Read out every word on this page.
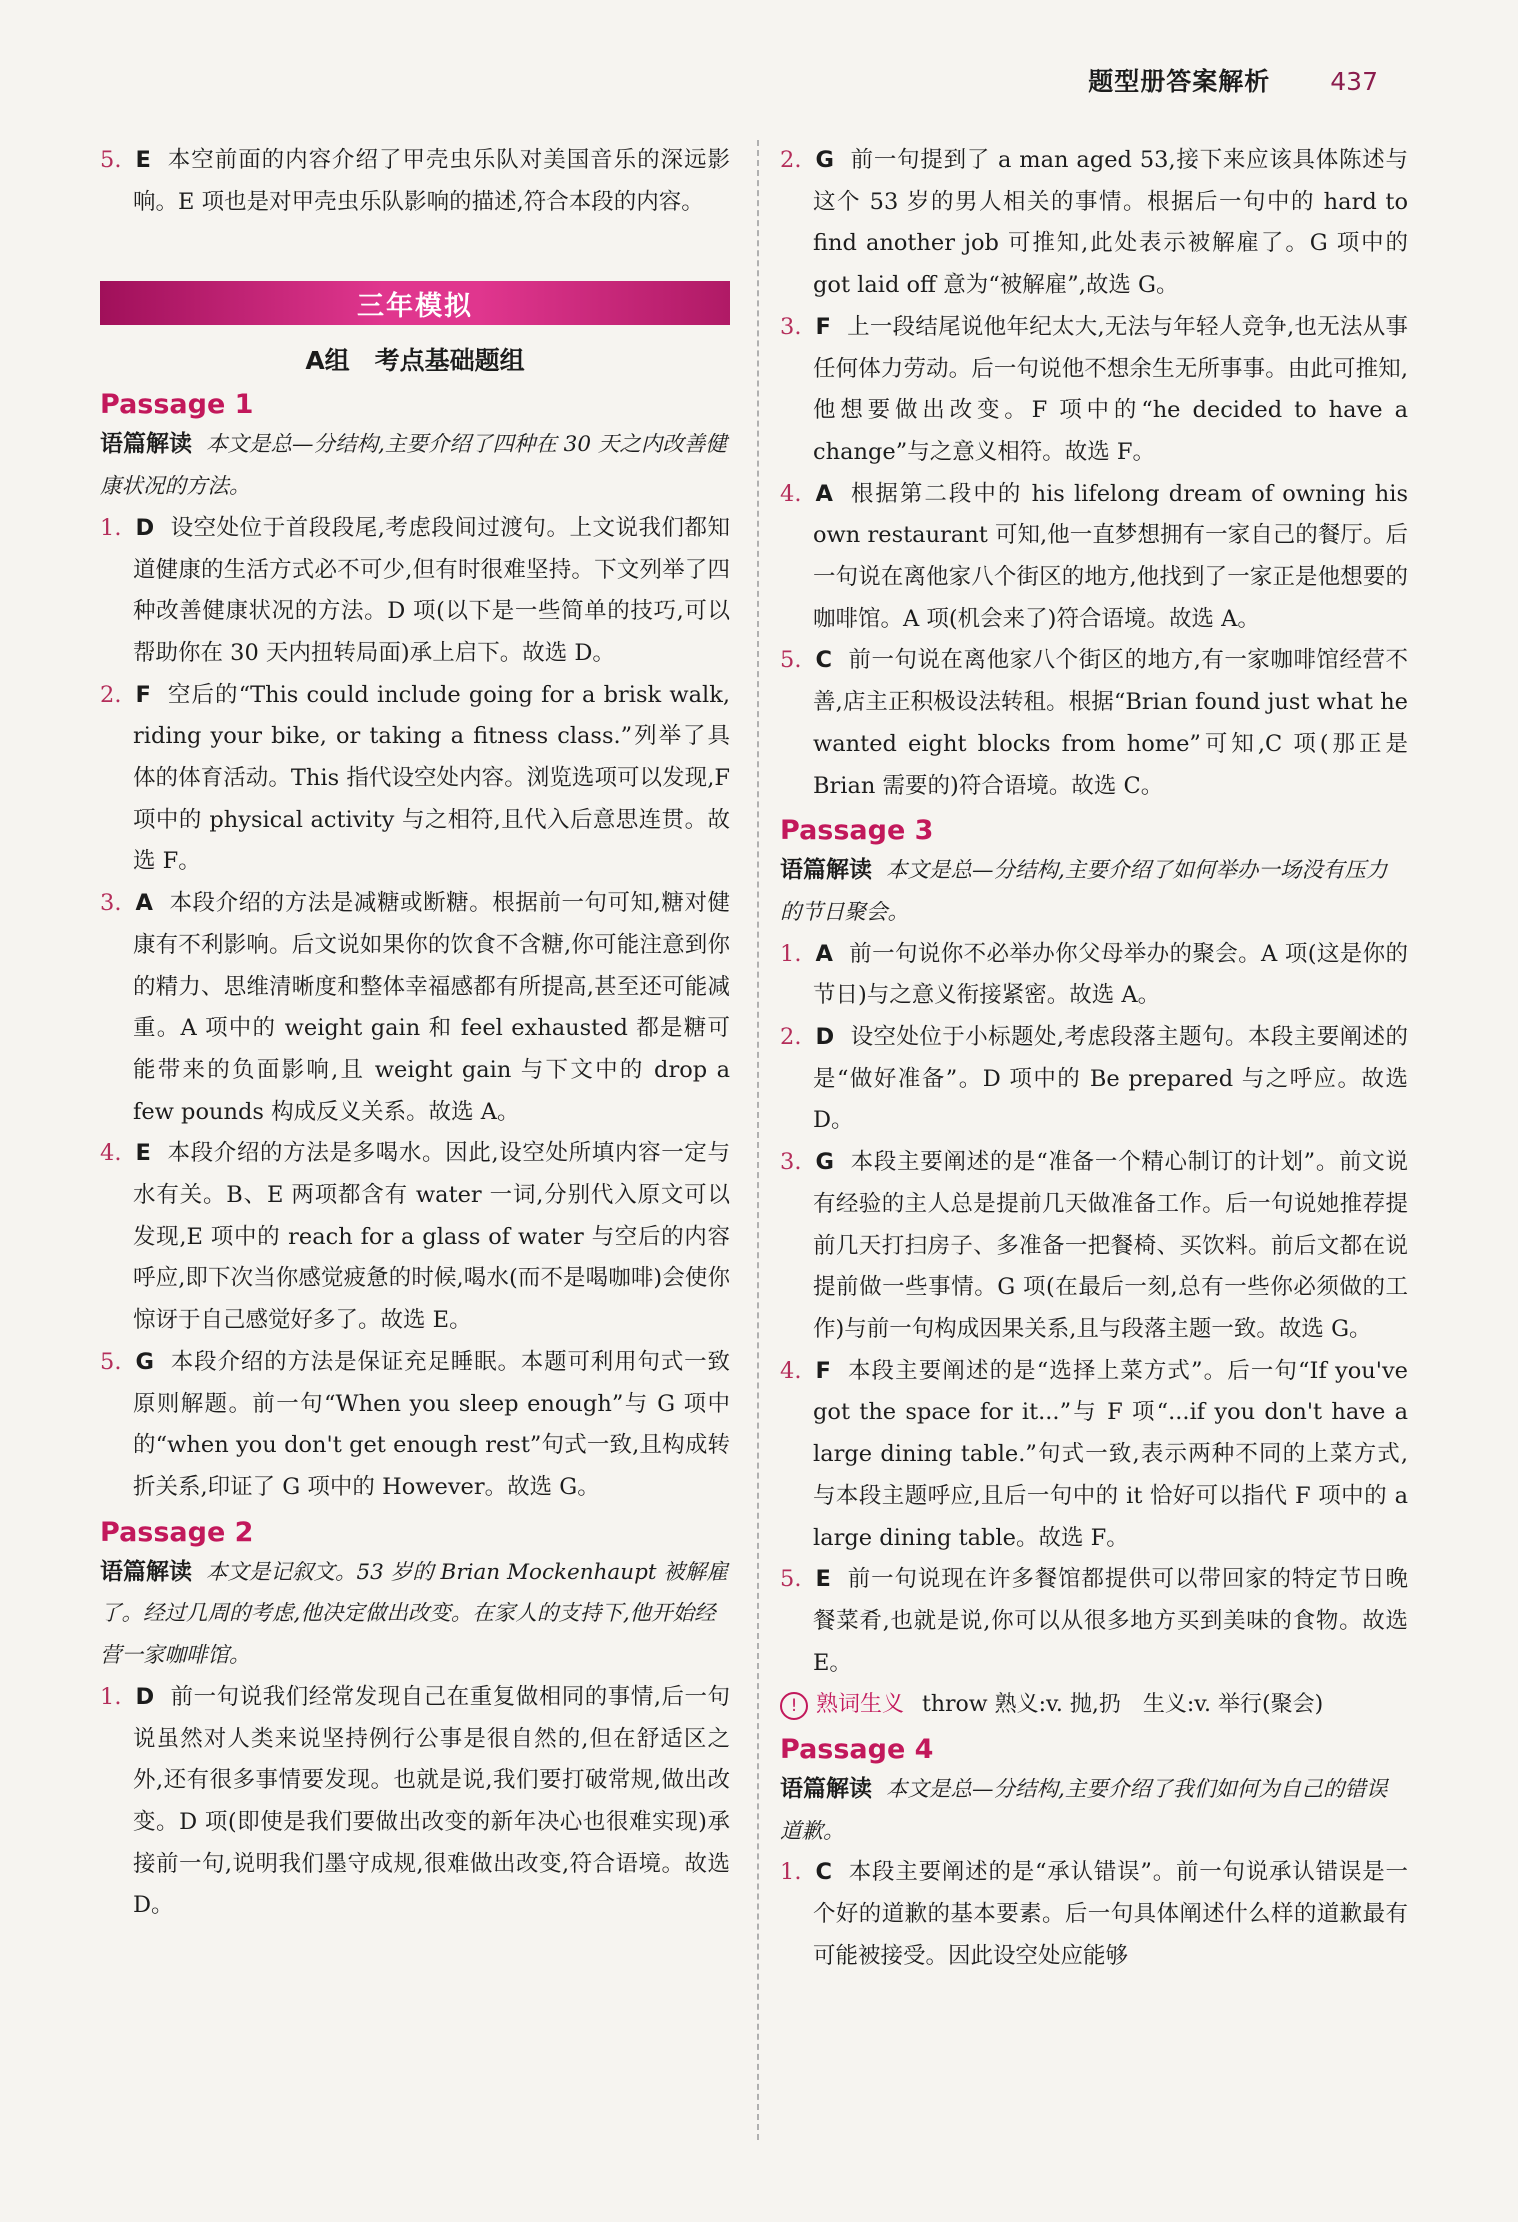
题型册答案解析 437

5. E 本空前面的内容介绍了甲壳虫乐队对美国音乐的深远影响。E 项也是对甲壳虫乐队影响的描述,符合本段的内容。

三年模拟
A组　考点基础题组
Passage 1

语篇解读 本文是总—分结构,主要介绍了四种在 30 天之内改善健康状况的方法。

1. D 设空处位于首段段尾,考虑段间过渡句。上文说我们都知道健康的生活方式必不可少,但有时很难坚持。下文列举了四种改善健康状况的方法。D 项(以下是一些简单的技巧,可以帮助你在 30 天内扭转局面)承上启下。故选 D。

2. F 空后的“This could include going for a brisk walk, riding your bike, or taking a fitness class.”列举了具体的体育活动。This 指代设空处内容。浏览选项可以发现,F 项中的 physical activity 与之相符,且代入后意思连贯。故选 F。

3. A 本段介绍的方法是减糖或断糖。根据前一句可知,糖对健康有不利影响。后文说如果你的饮食不含糖,你可能注意到你的精力、思维清晰度和整体幸福感都有所提高,甚至还可能减重。A 项中的 weight gain 和 feel exhausted 都是糖可能带来的负面影响,且 weight gain 与下文中的 drop a few pounds 构成反义关系。故选 A。

4. E 本段介绍的方法是多喝水。因此,设空处所填内容一定与水有关。B、E 两项都含有 water 一词,分别代入原文可以发现,E 项中的 reach for a glass of water 与空后的内容呼应,即下次当你感觉疲惫的时候,喝水(而不是喝咖啡)会使你惊讶于自己感觉好多了。故选 E。

5. G 本段介绍的方法是保证充足睡眠。本题可利用句式一致原则解题。前一句“When you sleep enough”与 G 项中的“when you don't get enough rest”句式一致,且构成转折关系,印证了 G 项中的 However。故选 G。

Passage 2

语篇解读 本文是记叙文。53 岁的 Brian Mockenhaupt 被解雇了。经过几周的考虑,他决定做出改变。在家人的支持下,他开始经营一家咖啡馆。

1. D 前一句说我们经常发现自己在重复做相同的事情,后一句说虽然对人类来说坚持例行公事是很自然的,但在舒适区之外,还有很多事情要发现。也就是说,我们要打破常规,做出改变。D 项(即使是我们要做出改变的新年决心也很难实现)承接前一句,说明我们墨守成规,很难做出改变,符合语境。故选 D。

2. G 前一句提到了 a man aged 53,接下来应该具体陈述与这个 53 岁的男人相关的事情。根据后一句中的 hard to find another job 可推知,此处表示被解雇了。G 项中的 got laid off 意为“被解雇”,故选 G。

3. F 上一段结尾说他年纪太大,无法与年轻人竞争,也无法从事任何体力劳动。后一句说他不想余生无所事事。由此可推知,他想要做出改变。F 项中的“he decided to have a change”与之意义相符。故选 F。

4. A 根据第二段中的 his lifelong dream of owning his own restaurant 可知,他一直梦想拥有一家自己的餐厅。后一句说在离他家八个街区的地方,他找到了一家正是他想要的咖啡馆。A 项(机会来了)符合语境。故选 A。

5. C 前一句说在离他家八个街区的地方,有一家咖啡馆经营不善,店主正积极设法转租。根据“Brian found just what he wanted eight blocks from home”可知,C 项(那正是 Brian 需要的)符合语境。故选 C。

Passage 3

语篇解读 本文是总—分结构,主要介绍了如何举办一场没有压力的节日聚会。

1. A 前一句说你不必举办你父母举办的聚会。A 项(这是你的节日)与之意义衔接紧密。故选 A。

2. D 设空处位于小标题处,考虑段落主题句。本段主要阐述的是“做好准备”。D 项中的 Be prepared 与之呼应。故选 D。

3. G 本段主要阐述的是“准备一个精心制订的计划”。前文说有经验的主人总是提前几天做准备工作。后一句说她推荐提前几天打扫房子、多准备一把餐椅、买饮料。前后文都在说提前做一些事情。G 项(在最后一刻,总有一些你必须做的工作)与前一句构成因果关系,且与段落主题一致。故选 G。

4. F 本段主要阐述的是“选择上菜方式”。后一句“If you've got the space for it...”与 F 项“...if you don't have a large dining table.”句式一致,表示两种不同的上菜方式,与本段主题呼应,且后一句中的 it 恰好可以指代 F 项中的 a large dining table。故选 F。

5. E 前一句说现在许多餐馆都提供可以带回家的特定节日晚餐菜肴,也就是说,你可以从很多地方买到美味的食物。故选 E。

! 熟词生义 throw 熟义:v. 抛,扔　生义:v. 举行(聚会)

Passage 4

语篇解读 本文是总—分结构,主要介绍了我们如何为自己的错误道歉。

1. C 本段主要阐述的是“承认错误”。前一句说承认错误是一个好的道歉的基本要素。后一句具体阐述什么样的道歉最有可能被接受。因此设空处应能够
